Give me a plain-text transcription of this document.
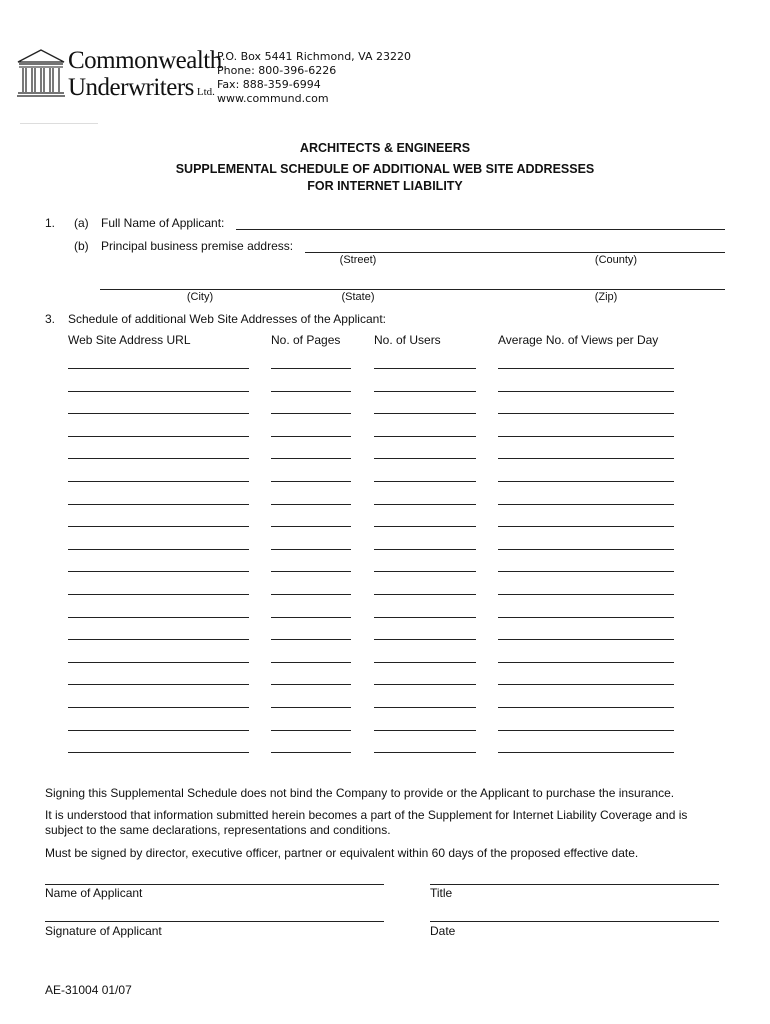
Commonwealth
Underwriters Ltd.
P.O. Box 5441 Richmond, VA 23220
Phone: 800-396-6226
Fax: 888-359-6994
www.commund.com
ARCHITECTS & ENGINEERS
SUPPLEMENTAL SCHEDULE OF ADDITIONAL WEB SITE ADDRESSES
FOR INTERNET LIABILITY
1. (a) Full Name of Applicant:
(b) Principal business premise address:
(Street)	(County)
(City)	(State)	(Zip)
3. Schedule of additional Web Site Addresses of the Applicant:
Web Site Address URL	No. of Pages	No. of Users	Average No. of Views per Day
Signing this Supplemental Schedule does not bind the Company to provide or the Applicant to purchase the insurance.
It is understood that information submitted herein becomes a part of the Supplement for Internet Liability Coverage and is
subject to the same declarations, representations and conditions.
Must be signed by director, executive officer, partner or equivalent within 60 days of the proposed effective date.
Name of Applicant	Title
Signature of Applicant	Date
AE-31004 01/07
